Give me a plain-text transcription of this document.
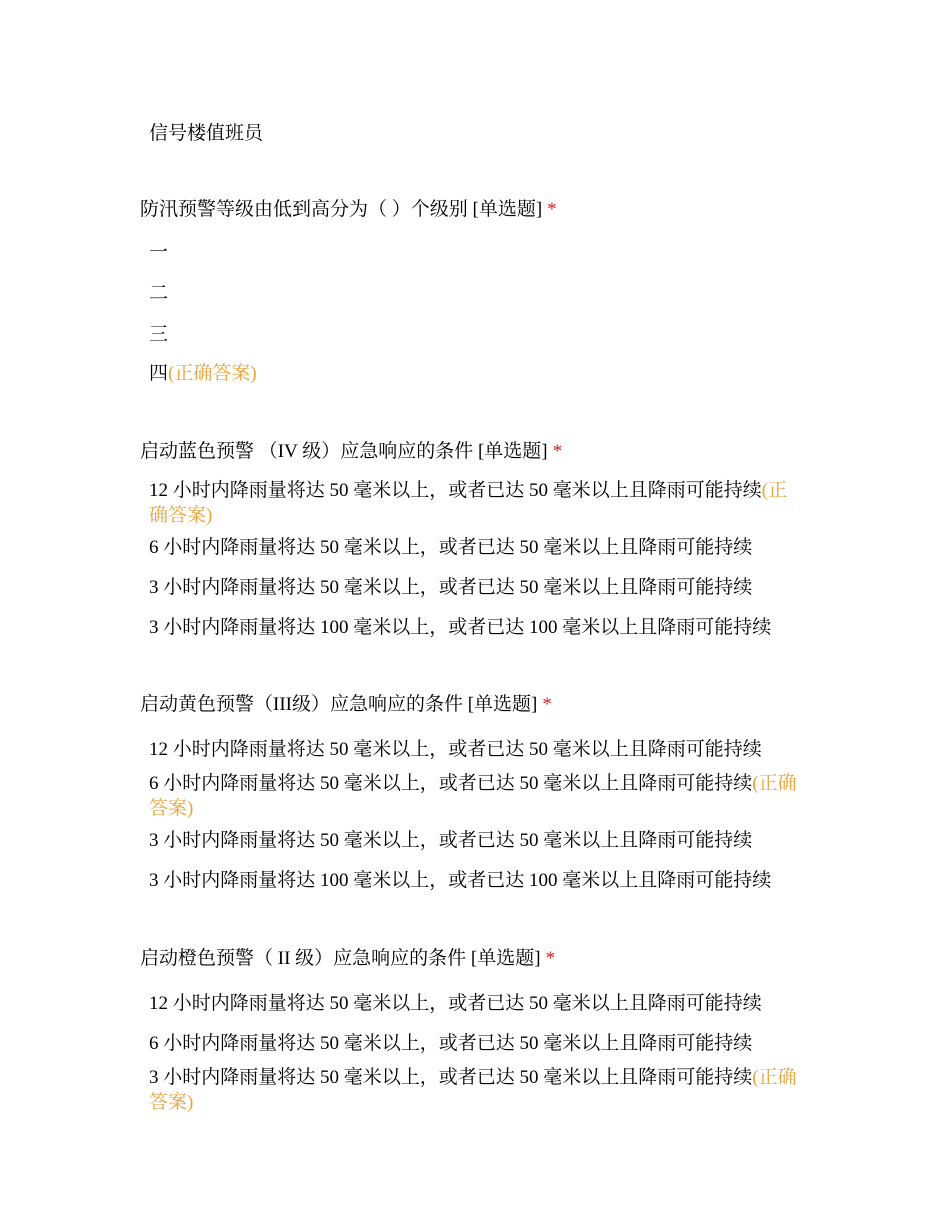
信号楼值班员
防汛预警等级由低到高分为（ ）个级别 [单选题] *
一
二
三
四(正确答案)
启动蓝色预警 （IV 级）应急响应的条件 [单选题] *
12 小时内降雨量将达 50 毫米以上，或者已达 50 毫米以上且降雨可能持续(正确答案)
6 小时内降雨量将达 50 毫米以上，或者已达 50 毫米以上且降雨可能持续
3 小时内降雨量将达 50 毫米以上，或者已达 50 毫米以上且降雨可能持续
3 小时内降雨量将达 100 毫米以上，或者已达 100 毫米以上且降雨可能持续
启动黄色预警（III级）应急响应的条件 [单选题] *
12 小时内降雨量将达 50 毫米以上，或者已达 50 毫米以上且降雨可能持续
6 小时内降雨量将达 50 毫米以上，或者已达 50 毫米以上且降雨可能持续(正确答案)
3 小时内降雨量将达 50 毫米以上，或者已达 50 毫米以上且降雨可能持续
3 小时内降雨量将达 100 毫米以上，或者已达 100 毫米以上且降雨可能持续
启动橙色预警（ II 级）应急响应的条件 [单选题] *
12 小时内降雨量将达 50 毫米以上，或者已达 50 毫米以上且降雨可能持续
6 小时内降雨量将达 50 毫米以上，或者已达 50 毫米以上且降雨可能持续
3 小时内降雨量将达 50 毫米以上，或者已达 50 毫米以上且降雨可能持续(正确答案)
